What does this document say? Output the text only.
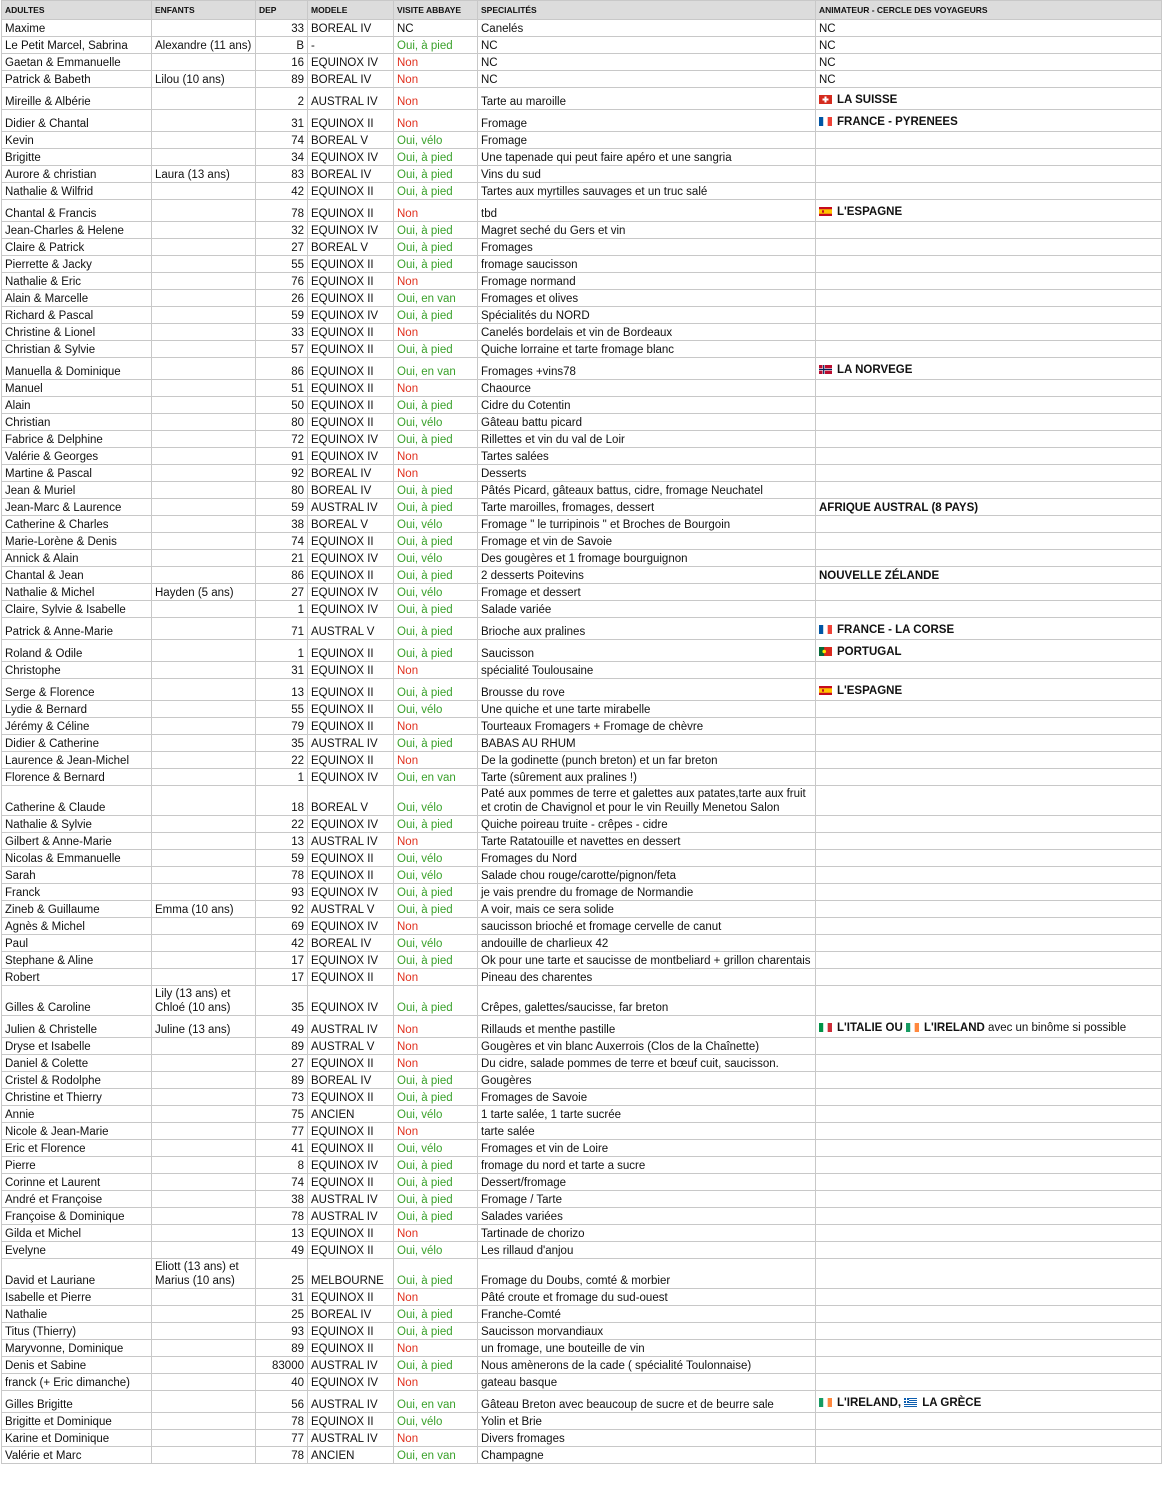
ADULTES	ENFANTS	DEP	MODELE	VISITE ABBAYE	SPECIALITÉS	ANIMATEUR - CERCLE DES VOYAGEURS
Maxime		33	BOREAL IV	NC	Canelés	NC
Le Petit Marcel, Sabrina	Alexandre (11 ans)	B	-	Oui, à pied	NC	NC
Gaetan & Emmanuelle		16	EQUINOX IV	Non	NC	NC
Patrick & Babeth	Lilou (10 ans)	89	BOREAL IV	Non	NC	NC
Mireille & Albérie		2	AUSTRAL IV	Non	Tarte au maroille	LA SUISSE
Didier & Chantal		31	EQUINOX II	Non	Fromage	FRANCE - PYRENEES
Kevin		74	BOREAL V	Oui, vélo	Fromage	
Brigitte		34	EQUINOX IV	Oui, à pied	Une tapenade qui peut faire apéro et une sangria	
Aurore & christian	Laura (13 ans)	83	BOREAL IV	Oui, à pied	Vins du sud	
Nathalie & Wilfrid		42	EQUINOX II	Oui, à pied	Tartes aux myrtilles sauvages et un truc salé	
Chantal & Francis		78	EQUINOX II	Non	tbd	L'ESPAGNE
Jean-Charles & Helene		32	EQUINOX IV	Oui, à pied	Magret seché du Gers et vin	
Claire & Patrick		27	BOREAL V	Oui, à pied	Fromages	
Pierrette & Jacky		55	EQUINOX II	Oui, à pied	fromage saucisson	
Nathalie & Eric		76	EQUINOX II	Non	Fromage normand	
Alain & Marcelle		26	EQUINOX II	Oui, en van	Fromages et olives	
Richard & Pascal		59	EQUINOX IV	Oui, à pied	Spécialités du NORD	
Christine & Lionel		33	EQUINOX II	Non	Canelés bordelais et vin de Bordeaux	
Christian & Sylvie		57	EQUINOX II	Oui, à pied	Quiche lorraine et tarte fromage blanc	
Manuella & Dominique		86	EQUINOX II	Oui, en van	Fromages +vins78	LA NORVEGE
Manuel		51	EQUINOX II	Non	Chaource	
Alain		50	EQUINOX II	Oui, à pied	Cidre du Cotentin	
Christian		80	EQUINOX II	Oui, vélo	Gâteau battu picard	
Fabrice & Delphine		72	EQUINOX IV	Oui, à pied	Rillettes et vin du val de Loir	
Valérie & Georges		91	EQUINOX IV	Non	Tartes salées	
Martine & Pascal		92	BOREAL IV	Non	Desserts	
Jean & Muriel		80	BOREAL IV	Oui, à pied	Pâtés Picard, gâteaux battus, cidre, fromage Neuchatel	
Jean-Marc & Laurence		59	AUSTRAL IV	Oui, à pied	Tarte maroilles, fromages, dessert	AFRIQUE AUSTRAL (8 PAYS)
Catherine & Charles		38	BOREAL V	Oui, vélo	Fromage " le turripinois " et Broches de Bourgoin	
Marie-Lorène & Denis		74	EQUINOX II	Oui, à pied	Fromage et vin de Savoie	
Annick & Alain		21	EQUINOX IV	Oui, vélo	Des gougères et 1 fromage bourguignon	
Chantal & Jean		86	EQUINOX II	Oui, à pied	2 desserts Poitevins	NOUVELLE ZÉLANDE
Nathalie & Michel	Hayden (5 ans)	27	EQUINOX IV	Oui, vélo	Fromage et dessert	
Claire, Sylvie & Isabelle		1	EQUINOX IV	Oui, à pied	Salade variée	
Patrick & Anne-Marie		71	AUSTRAL V	Oui, à pied	Brioche aux pralines	FRANCE - LA CORSE
Roland & Odile		1	EQUINOX II	Oui, à pied	Saucisson	PORTUGAL
Christophe		31	EQUINOX II	Non	spécialité Toulousaine	
Serge & Florence		13	EQUINOX II	Oui, à pied	Brousse du rove	L'ESPAGNE
Lydie & Bernard		55	EQUINOX II	Oui, vélo	Une quiche et une tarte mirabelle	
Jérémy & Céline		79	EQUINOX II	Non	Tourteaux Fromagers + Fromage de chèvre	
Didier & Catherine		35	AUSTRAL IV	Oui, à pied	BABAS AU RHUM	
Laurence & Jean-Michel		22	EQUINOX II	Non	De la godinette (punch breton) et un far breton	
Florence & Bernard		1	EQUINOX IV	Oui, en van	Tarte (sûrement aux pralines !)	
Catherine & Claude		18	BOREAL V	Oui, vélo	Paté aux pommes de terre et galettes aux patates,tarte aux fruit et crotin de Chavignol et pour le vin Reuilly Menetou Salon	
Nathalie & Sylvie		22	EQUINOX IV	Oui, à pied	Quiche poireau truite - crêpes - cidre	
Gilbert & Anne-Marie		13	AUSTRAL IV	Non	Tarte Ratatouille et navettes en dessert	
Nicolas & Emmanuelle		59	EQUINOX II	Oui, vélo	Fromages du Nord	
Sarah		78	EQUINOX II	Oui, vélo	Salade chou rouge/carotte/pignon/feta	
Franck		93	EQUINOX IV	Oui, à pied	je vais prendre du fromage de Normandie	
Zineb & Guillaume	Emma (10 ans)	92	AUSTRAL V	Oui, à pied	A voir, mais ce sera solide	
Agnès & Michel		69	EQUINOX IV	Non	saucisson brioché et fromage cervelle de canut	
Paul		42	BOREAL IV	Oui, vélo	andouille de charlieux 42	
Stephane & Aline		17	EQUINOX IV	Oui, à pied	Ok pour une tarte et saucisse de montbeliard + grillon charentais	
Robert		17	EQUINOX II	Non	Pineau des charentes	
Gilles & Caroline	Lily (13 ans) et Chloé (10 ans)	35	EQUINOX IV	Oui, à pied	Crêpes, galettes/saucisse, far breton	
Julien & Christelle	Juline (13 ans)	49	AUSTRAL IV	Non	Rillauds et menthe pastille	L'ITALIE OU L'IRELAND avec un binôme si possible
Dryse et Isabelle		89	AUSTRAL V	Non	Gougères et vin blanc Auxerrois (Clos de la Chaînette)	
Daniel & Colette		27	EQUINOX II	Non	Du cidre, salade pommes de terre et bœuf cuit, saucisson.	
Cristel & Rodolphe		89	BOREAL IV	Oui, à pied	Gougères	
Christine et Thierry		73	EQUINOX II	Oui, à pied	Fromages de Savoie	
Annie		75	ANCIEN	Oui, vélo	1 tarte salée, 1 tarte sucrée	
Nicole & Jean-Marie		77	EQUINOX II	Non	tarte salée	
Eric et Florence		41	EQUINOX II	Oui, vélo	Fromages et vin de Loire	
Pierre		8	EQUINOX IV	Oui, à pied	fromage du nord et tarte a sucre	
Corinne et Laurent		74	EQUINOX II	Oui, à pied	Dessert/fromage	
André et Françoise		38	AUSTRAL IV	Oui, à pied	Fromage / Tarte	
Françoise & Dominique		78	AUSTRAL IV	Oui, à pied	Salades variées	
Gilda et Michel		13	EQUINOX II	Non	Tartinade de chorizo	
Evelyne		49	EQUINOX II	Oui, vélo	Les rillaud d'anjou	
David et Lauriane	Eliott (13 ans) et Marius (10 ans)	25	MELBOURNE	Oui, à pied	Fromage du Doubs, comté & morbier	
Isabelle et Pierre		31	EQUINOX II	Non	Pâté croute et fromage du sud-ouest	
Nathalie		25	BOREAL IV	Oui, à pied	Franche-Comté	
Titus (Thierry)		93	EQUINOX II	Oui, à pied	Saucisson morvandiaux	
Maryvonne, Dominique		89	EQUINOX II	Non	un fromage, une bouteille de vin	
Denis et Sabine		83000	AUSTRAL IV	Oui, à pied	Nous amènerons de la cade ( spécialité Toulonnaise)	
franck (+ Eric dimanche)		40	EQUINOX IV	Non	gateau basque	
Gilles Brigitte		56	AUSTRAL IV	Oui, en van	Gâteau Breton avec beaucoup de sucre et de beurre sale	L'IRELAND, LA GRÈCE
Brigitte et Dominique		78	EQUINOX II	Oui, vélo	Yolin et Brie	
Karine et Dominique		77	AUSTRAL IV	Non	Divers fromages	
Valérie et Marc		78	ANCIEN	Oui, en van	Champagne	
